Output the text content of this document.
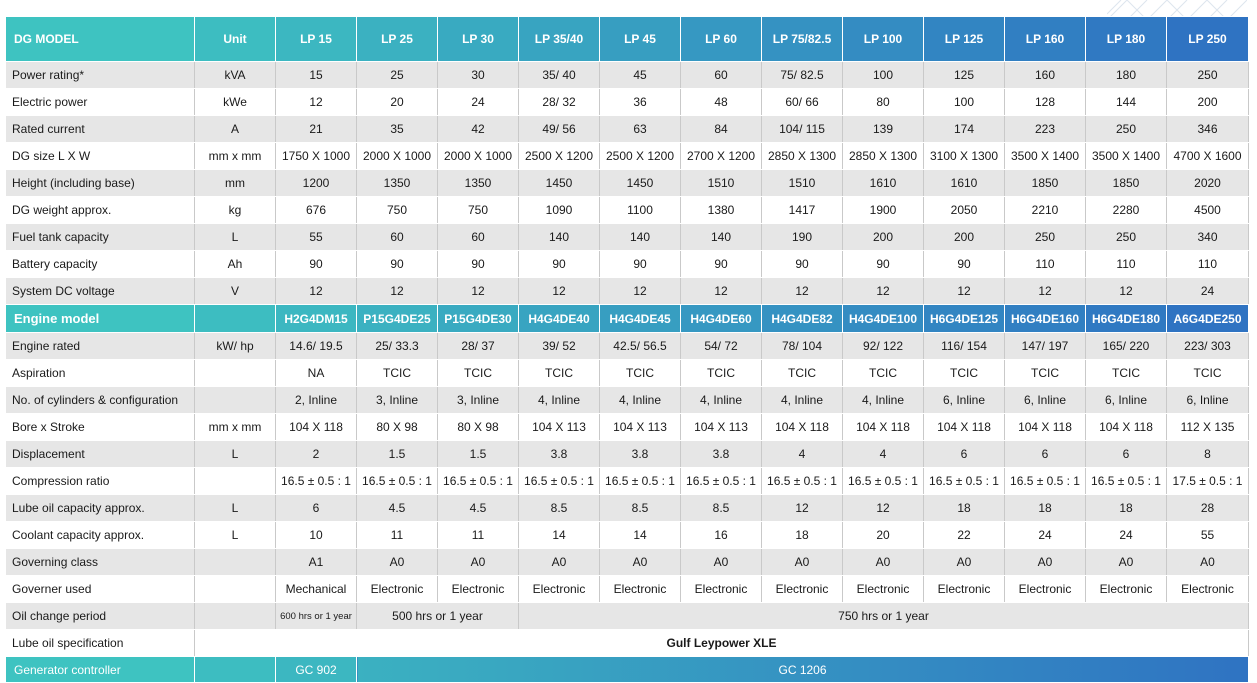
DG MODEL	Unit	LP 15	LP 25	LP 30	LP 35/40	LP 45	LP 60	LP 75/82.5	LP 100	LP 125	LP 160	LP 180	LP 250
Power rating*	kVA	15	25	30	35/ 40	45	60	75/ 82.5	100	125	160	180	250
Electric power	kWe	12	20	24	28/ 32	36	48	60/ 66	80	100	128	144	200
Rated current	A	21	35	42	49/ 56	63	84	104/ 115	139	174	223	250	346
DG size L X W	mm x mm	1750 X 1000	2000 X 1000	2000 X 1000	2500 X 1200	2500 X 1200	2700 X 1200	2850 X 1300	2850 X 1300	3100 X 1300	3500 X 1400	3500 X 1400	4700 X 1600
Height (including base)	mm	1200	1350	1350	1450	1450	1510	1510	1610	1610	1850	1850	2020
DG weight approx.	kg	676	750	750	1090	1100	1380	1417	1900	2050	2210	2280	4500
Fuel tank capacity	L	55	60	60	140	140	140	190	200	200	250	250	340
Battery capacity	Ah	90	90	90	90	90	90	90	90	90	110	110	110
System DC voltage	V	12	12	12	12	12	12	12	12	12	12	12	24
Engine model		H2G4DM15	P15G4DE25	P15G4DE30	H4G4DE40	H4G4DE45	H4G4DE60	H4G4DE82	H4G4DE100	H6G4DE125	H6G4DE160	H6G4DE180	A6G4DE250
Engine rated	kW/ hp	14.6/ 19.5	25/ 33.3	28/ 37	39/ 52	42.5/ 56.5	54/ 72	78/ 104	92/ 122	116/ 154	147/ 197	165/ 220	223/ 303
Aspiration		NA	TCIC	TCIC	TCIC	TCIC	TCIC	TCIC	TCIC	TCIC	TCIC	TCIC	TCIC
No. of cylinders & configuration		2, Inline	3, Inline	3, Inline	4, Inline	4, Inline	4, Inline	4, Inline	4, Inline	6, Inline	6, Inline	6, Inline	6, Inline
Bore x Stroke	mm x mm	104 X 118	80 X 98	80 X 98	104 X 113	104 X 113	104 X 113	104 X 118	104 X 118	104 X 118	104 X 118	104 X 118	112 X 135
Displacement	L	2	1.5	1.5	3.8	3.8	3.8	4	4	6	6	6	8
Compression ratio		16.5 ± 0.5 : 1	16.5 ± 0.5 : 1	16.5 ± 0.5 : 1	16.5 ± 0.5 : 1	16.5 ± 0.5 : 1	16.5 ± 0.5 : 1	16.5 ± 0.5 : 1	16.5 ± 0.5 : 1	16.5 ± 0.5 : 1	16.5 ± 0.5 : 1	16.5 ± 0.5 : 1	17.5 ± 0.5 : 1
Lube oil capacity approx.	L	6	4.5	4.5	8.5	8.5	8.5	12	12	18	18	18	28
Coolant capacity approx.	L	10	11	11	14	14	16	18	20	22	24	24	55
Governing class		A1	A0	A0	A0	A0	A0	A0	A0	A0	A0	A0	A0
Governer used		Mechanical	Electronic	Electronic	Electronic	Electronic	Electronic	Electronic	Electronic	Electronic	Electronic	Electronic	Electronic
Oil change period		600 hrs or 1 year	500 hrs or 1 year		750 hrs or 1 year								
Lube oil specification	Gulf Leypower XLE												
Generator controller		GC 902	GC 1206										
